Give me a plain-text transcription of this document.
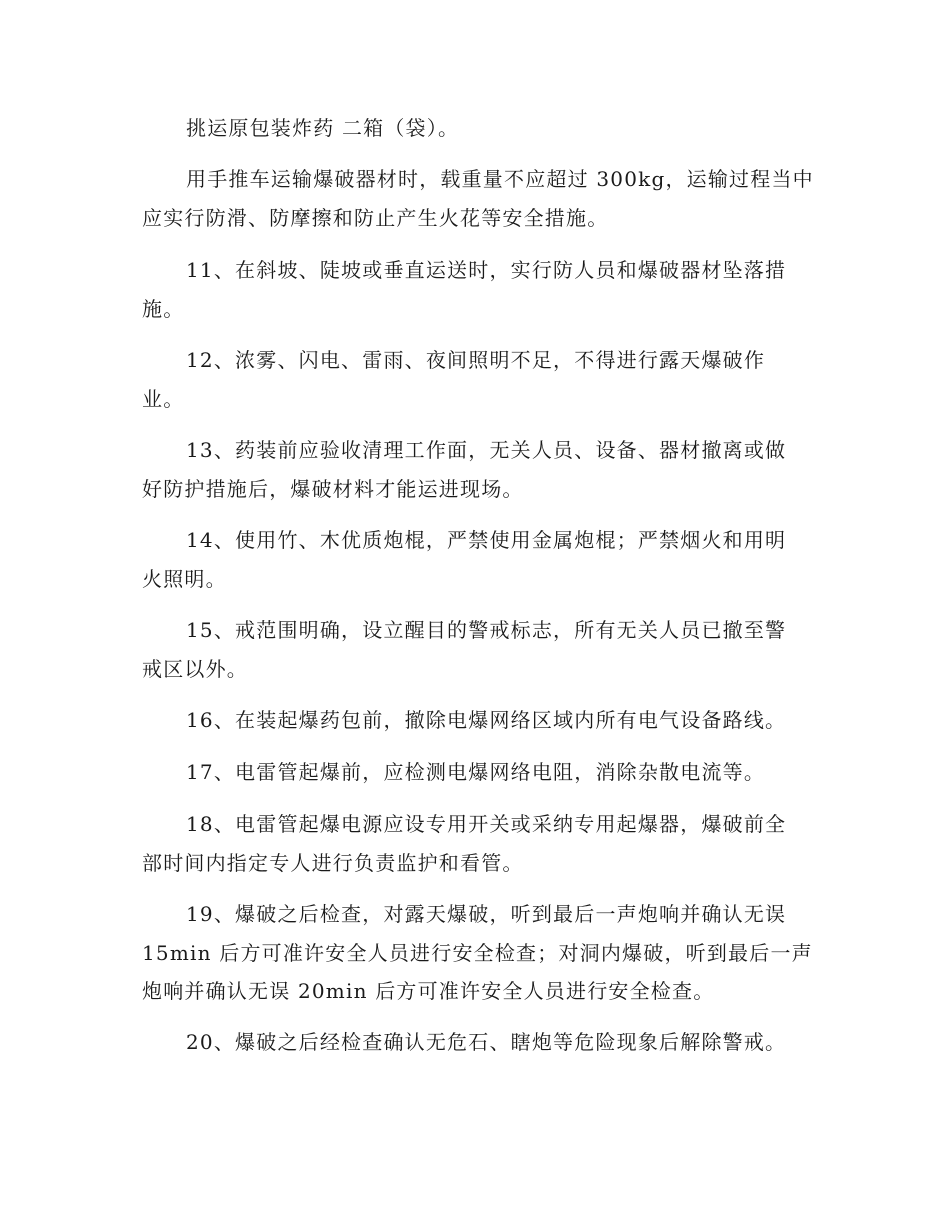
挑运原包装炸药 二箱（袋）。
用手推车运输爆破器材时，载重量不应超过 300kg，运输过程当中
应实行防滑、防摩擦和防止产生火花等安全措施。
11、在斜坡、陡坡或垂直运送时，实行防人员和爆破器材坠落措
施。
12、浓雾、闪电、雷雨、夜间照明不足，不得进行露天爆破作
业。
13、药装前应验收清理工作面，无关人员、设备、器材撤离或做
好防护措施后，爆破材料才能运进现场。
14、使用竹、木优质炮棍，严禁使用金属炮棍；严禁烟火和用明
火照明。
15、戒范围明确，设立醒目的警戒标志，所有无关人员已撤至警
戒区以外。
16、在装起爆药包前，撤除电爆网络区域内所有电气设备路线。
17、电雷管起爆前，应检测电爆网络电阻，消除杂散电流等。
18、电雷管起爆电源应设专用开关或采纳专用起爆器，爆破前全
部时间内指定专人进行负责监护和看管。
19、爆破之后检查，对露天爆破，听到最后一声炮响并确认无误
15min 后方可准许安全人员进行安全检查；对洞内爆破，听到最后一声
炮响并确认无误 20min 后方可准许安全人员进行安全检查。
20、爆破之后经检查确认无危石、瞎炮等危险现象后解除警戒。
